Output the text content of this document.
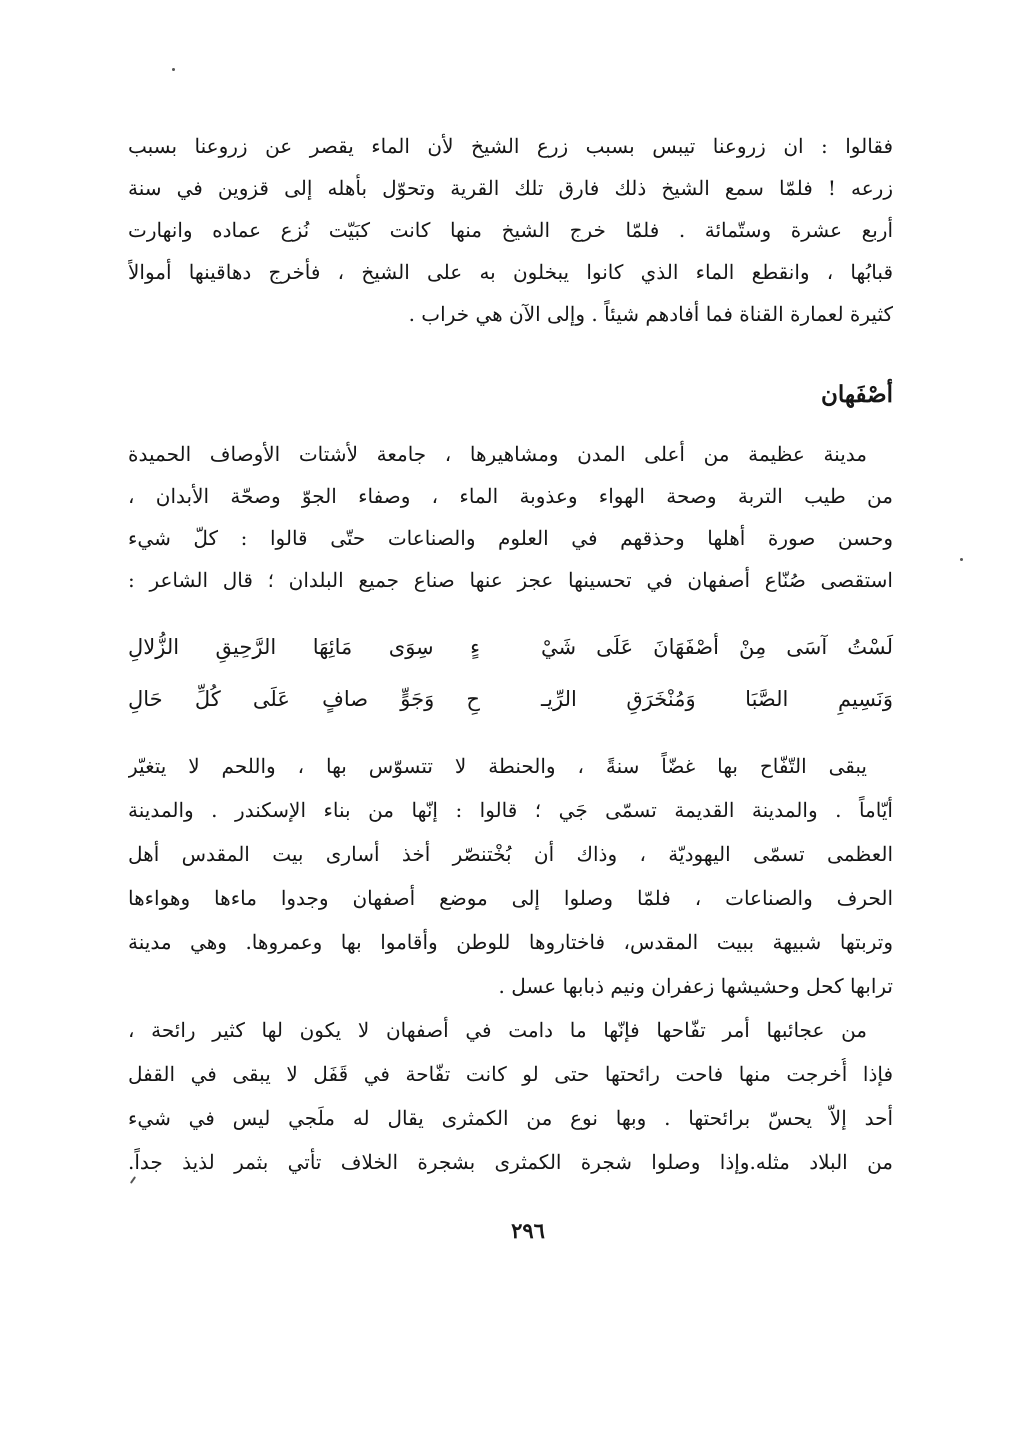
فقالوا : ان زروعنا تيبس بسبب زرع الشيخ لأن الماء يقصر عن زروعنا بسبب
زرعه ! فلمّا سمع الشيخ ذلك فارق تلك القرية وتحوّل بأهله إلى قزوين في سنة
أربع عشرة وستّمائة . فلمّا خرج الشيخ منها كانت كبَيّت نُزع عماده وانهارت
قبابُها ، وانقطع الماء الذي كانوا يبخلون به على الشيخ ، فأخرج دهاقينها أموالاً
كثيرة لعمارة القناة فما أفادهم شيئاً . وإلى الآن هي خراب .
أصْفَهان
مدينة عظيمة من أعلى المدن ومشاهيرها ، جامعة لأشتات الأوصاف الحميدة
من طيب التربة وصحة الهواء وعذوبة الماء ، وصفاء الجوّ وصحّة الأبدان ،
وحسن صورة أهلها وحذقهم في العلوم والصناعات حتّى قالوا : كلّ شيء
استقصى صُنّاع أصفهان في تحسينها عجز عنها صناع جميع البلدان ؛ قال الشاعر :
لَسْتُ آسَى مِنْ أصْفَهَانَ عَلَى شَيْ
ءٍ سِوَى مَائِهَا الرَّحِيقِ الزُّلالِ
وَنَسِيمِ الصَّبَا وَمُنْخَرَقِ الرِّيـ
حِ وَجَوٍّ صافٍ عَلَى كُلِّ حَالِ
يبقى التّفّاح بها غضّاً سنةً ، والحنطة لا تتسوّس بها ، واللحم لا يتغيّر
أيّاماً . والمدينة القديمة تسمّى جَي ؛ قالوا : إنّها من بناء الإسكندر . والمدينة
العظمى تسمّى اليهوديّة ، وذاك أن بُخْتنصّر أخذ أسارى بيت المقدس أهل
الحرف والصناعات ، فلمّا وصلوا إلى موضع أصفهان وجدوا ماءها وهواءها
وتربتها شبيهة ببيت المقدس، فاختاروها للوطن وأقاموا بها وعمروها. وهي مدينة
ترابها كحل وحشيشها زعفران ونيم ذبابها عسل .
من عجائبها أمر تفّاحها فإنّها ما دامت في أصفهان لا يكون لها كثير رائحة ،
فإذا أُخرجت منها فاحت رائحتها حتى لو كانت تفّاحة في قَفَل لا يبقى في القفل
أحد إلاّ يحسّ برائحتها . وبها نوع من الكمثرى يقال له ملَجي ليس في شيء
من البلاد مثله.وإذا وصلوا شجرة الكمثرى بشجرة الخلاف تأتي بثمر لذيذ جداً.
٢٩٦
